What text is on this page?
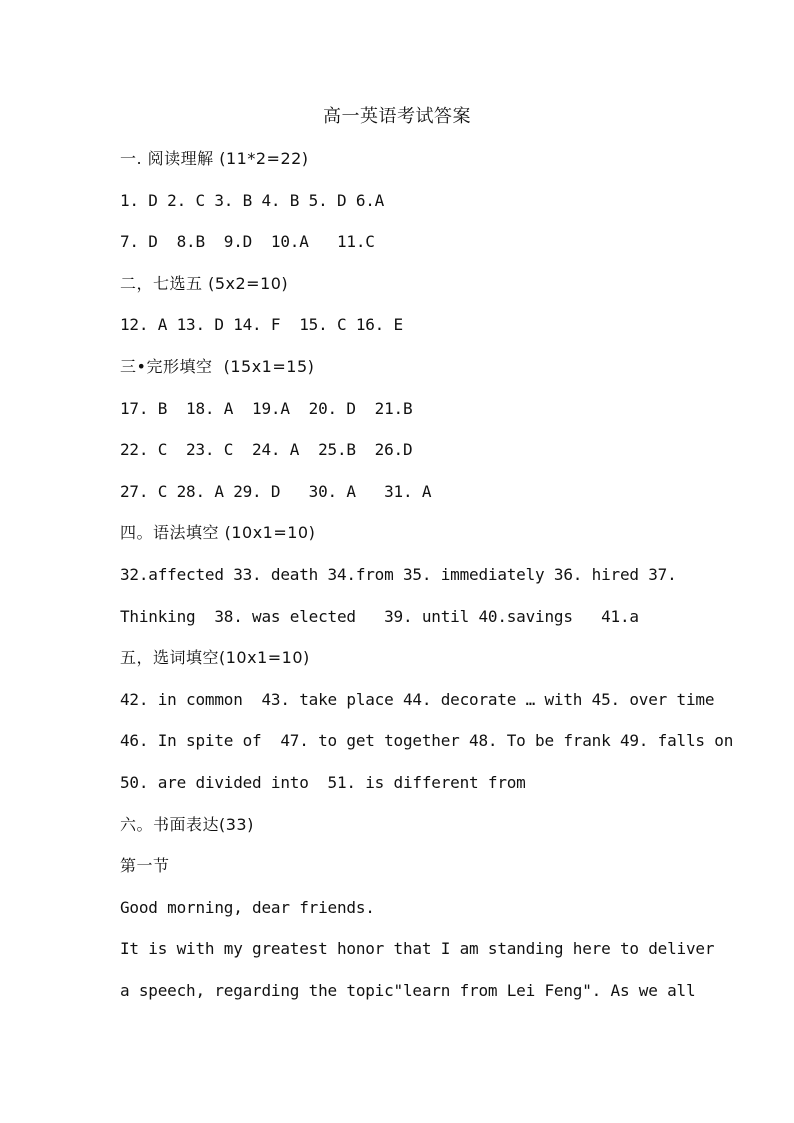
高一英语考试答案
一. 阅读理解 (11*2=22)
1. D 2. C 3. B 4. B 5. D 6.A
7. D  8.B  9.D  10.A   11.C
二，七选五 (5x2=10)
12. A 13. D 14. F  15. C 16. E
三•完形填空  (15x1=15)
17. B  18. A  19.A  20. D  21.B
22. C  23. C  24. A  25.B  26.D
27. C 28. A 29. D   30. A   31. A
四。语法填空 (10x1=10)
32.affected 33. death 34.from 35. immediately 36. hired 37.
Thinking  38. was elected   39. until 40.savings   41.a
五，选词填空(10x1=10)
42. in common  43. take place 44. decorate … with 45. over time
46. In spite of  47. to get together 48. To be frank 49. falls on
50. are divided into  51. is different from
六。书面表达(33)
第一节
Good morning, dear friends.
It is with my greatest honor that I am standing here to deliver
a speech, regarding the topic"learn from Lei Feng". As we all
